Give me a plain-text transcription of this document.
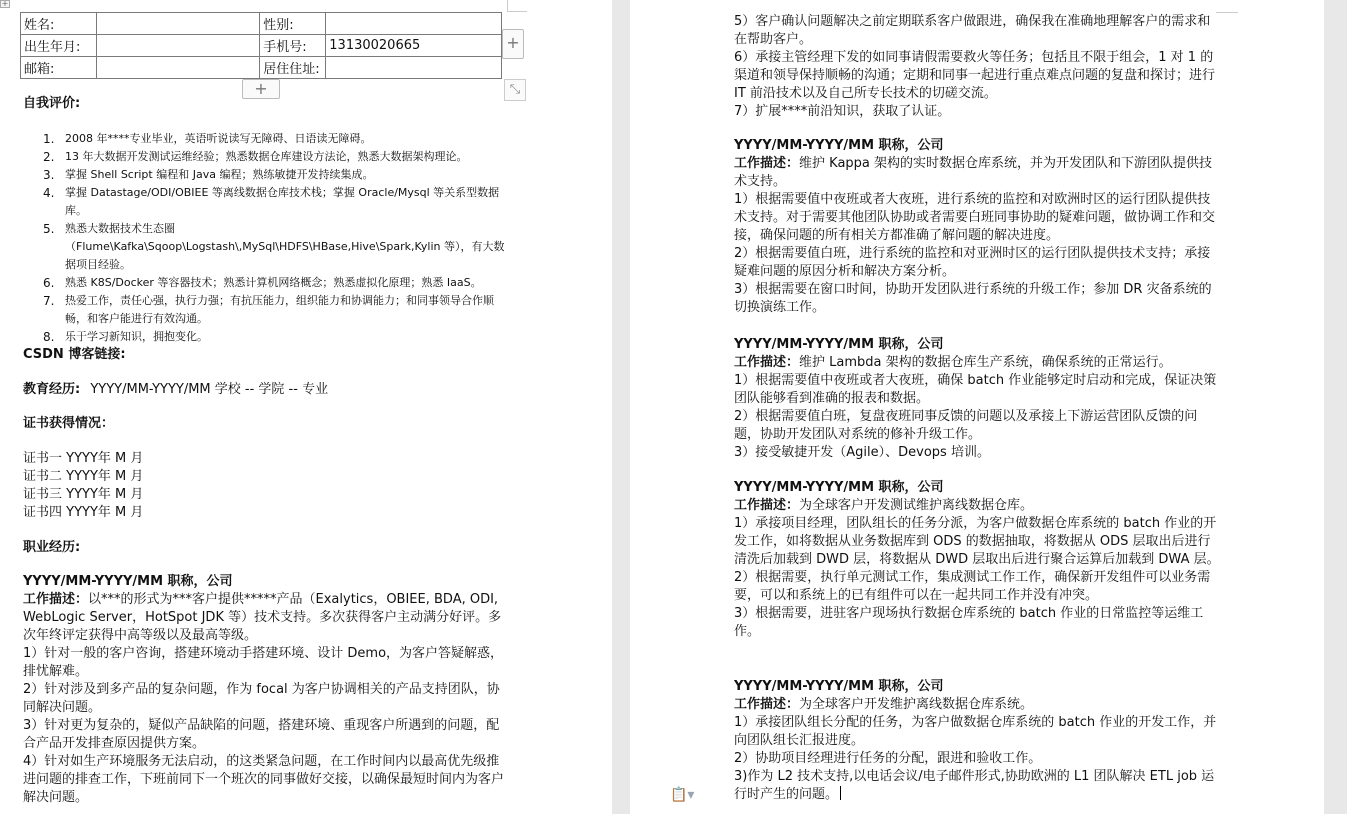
+
姓名:		性别:	
出生年月:		手机号:	13130020665
邮箱:		居住住址:	
+
+	⤡
自我评价:
1. 2008 年****专业毕业，英语听说读写无障碍、日语读无障碍。
2. 13 年大数据开发测试运维经验；熟悉数据仓库建设方法论，熟悉大数据架构理论。
3. 掌握 Shell Script 编程和 Java 编程；熟练敏捷开发持续集成。
4. 掌握 Datastage/ODI/OBIEE 等离线数据仓库技术栈；掌握 Oracle/Mysql 等关系型数据库。
5. 熟悉大数据技术生态圈（Flume\Kafka\Sqoop\Logstash\,MySql\HDFS\HBase,Hive\Spark,Kylin 等），有大数据项目经验。
6. 熟悉 K8S/Docker 等容器技术；熟悉计算机网络概念；熟悉虚拟化原理；熟悉 IaaS。
7. 热爱工作，责任心强，执行力强；有抗压能力，组织能力和协调能力；和同事领导合作顺畅，和客户能进行有效沟通。
8. 乐于学习新知识，拥抱变化。
CSDN 博客链接:
教育经历: YYYY/MM-YYYY/MM 学校 -- 学院 -- 专业
证书获得情况：
证书一 YYYY年 M 月
证书二 YYYY年 M 月
证书三 YYYY年 M 月
证书四 YYYY年 M 月
职业经历:
YYYY/MM-YYYY/MM 职称，公司
工作描述：以***的形式为***客户提供*****产品（Exalytics，OBIEE, BDA, ODI, WebLogic Server，HotSpot JDK 等）技术支持。多次获得客户主动满分好评。多次年终评定获得中高等级以及最高等级。
1）针对一般的客户咨询，搭建环境动手搭建环境、设计 Demo，为客户答疑解惑，排忧解难。
2）针对涉及到多产品的复杂问题，作为 focal 为客户协调相关的产品支持团队，协同解决问题。
3）针对更为复杂的，疑似产品缺陷的问题，搭建环境、重现客户所遇到的问题，配合产品开发排查原因提供方案。
4）针对如生产环境服务无法启动，的这类紧急问题，在工作时间内以最高优先级推进问题的排查工作，下班前同下一个班次的同事做好交接，以确保最短时间内为客户解决问题。
5）客户确认问题解决之前定期联系客户做跟进，确保我在准确地理解客户的需求和在帮助客户。
6）承接主管经理下发的如同事请假需要救火等任务；包括且不限于组会，1 对 1 的渠道和领导保持顺畅的沟通；定期和同事一起进行重点难点问题的复盘和探讨；进行 IT 前沿技术以及自己所专长技术的切磋交流。
7）扩展****前沿知识，获取了认证。
YYYY/MM-YYYY/MM 职称，公司
工作描述：维护 Kappa 架构的实时数据仓库系统，并为开发团队和下游团队提供技术支持。
1）根据需要值中夜班或者大夜班，进行系统的监控和对欧洲时区的运行团队提供技术支持。对于需要其他团队协助或者需要白班同事协助的疑难问题，做协调工作和交接，确保问题的所有相关方都准确了解问题的解决进度。
2）根据需要值白班，进行系统的监控和对亚洲时区的运行团队提供技术支持；承接疑难问题的原因分析和解决方案分析。
3）根据需要在窗口时间，协助开发团队进行系统的升级工作；参加 DR 灾备系统的切换演练工作。
YYYY/MM-YYYY/MM 职称，公司
工作描述：维护 Lambda 架构的数据仓库生产系统，确保系统的正常运行。
1）根据需要值中夜班或者大夜班，确保 batch 作业能够定时启动和完成，保证决策团队能够看到准确的报表和数据。
2）根据需要值白班，复盘夜班同事反馈的问题以及承接上下游运营团队反馈的问题，协助开发团队对系统的修补升级工作。
3）接受敏捷开发（Agile）、Devops 培训。
YYYY/MM-YYYY/MM 职称，公司
工作描述：为全球客户开发测试维护离线数据仓库。
1）承接项目经理，团队组长的任务分派，为客户做数据仓库系统的 batch 作业的开发工作，如将数据从业务数据库到 ODS 的数据抽取，将数据从 ODS 层取出后进行清洗后加载到 DWD 层，将数据从 DWD 层取出后进行聚合运算后加载到 DWA 层。
2）根据需要，执行单元测试工作，集成测试工作工作，确保新开发组件可以业务需要，可以和系统上的已有组件可以在一起共同工作并没有冲突。
3）根据需要，进驻客户现场执行数据仓库系统的 batch 作业的日常监控等运维工作。
YYYY/MM-YYYY/MM 职称，公司
工作描述：为全球客户开发维护离线数据仓库系统。
1）承接团队组长分配的任务，为客户做数据仓库系统的 batch 作业的开发工作，并向团队组长汇报进度。
2）协助项目经理进行任务的分配，跟进和验收工作。
3)作为 L2 技术支持,以电话会议/电子邮件形式,协助欧洲的 L1 团队解决 ETL job 运行时产生的问题。
📋▾
